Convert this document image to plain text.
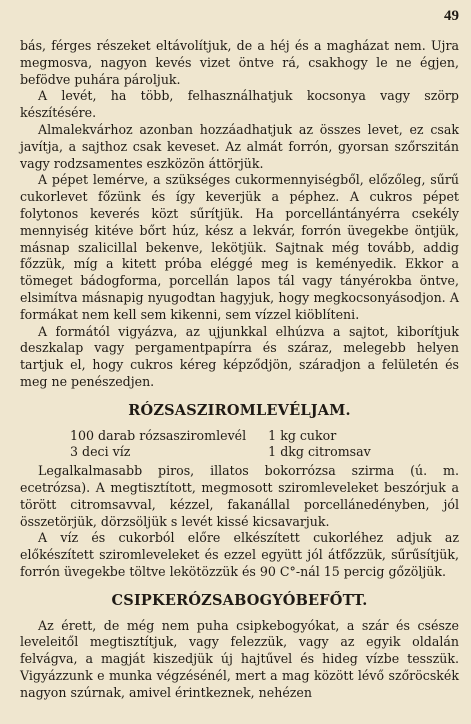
49

bás, férges részeket eltávolítjuk, de a héj és a magházat nem. Ujra megmosva, nagyon kevés vizet öntve rá, csakhogy le ne égjen, befödve puhára pároljuk.

A levét, ha több, felhasználhatjuk kocsonya vagy szörp készítésére.

Almalekvárhoz azonban hozzáadhatjuk az összes levet, ez csak javítja, a sajthoz csak keveset. Az almát forrón, gyorsan szőrszitán vagy rodzsamentes eszközön áttörjük.

A pépet lemérve, a szükséges cukormennyiségből, előzőleg, sűrű cukorlevet főzünk és így keverjük a péphez. A cukros pépet folytonos keverés közt sűrítjük. Ha porcellántányérra csekély mennyiség kitéve bőrt húz, kész a lekvár, forrón üvegekbe öntjük, másnap szalicillal bekenve, lekötjük. Sajtnak még tovább, addig főzzük, míg a kitett próba eléggé meg is keményedik. Ekkor a tömeget bádogforma, porcellán lapos tál vagy tányérokba öntve, elsimítva másnapig nyugodtan hagyjuk, hogy megkocsonyásodjon. A formákat nem kell sem kikenni, sem vízzel kiöblíteni.

A formától vigyázva, az ujjunkkal elhúzva a sajtot, kiborítjuk deszkalap vagy pergamentpapírra és száraz, melegebb helyen tartjuk el, hogy cukros kéreg képződjön, száradjon a felületén és meg ne penészedjen.

RÓZSASZIROMLEVÉLJAM.
100 darab rózsasziromlevél 1 kg cukor
3 deci víz	1 dkg citromsav

Legalkalmasabb piros, illatos bokorrózsa szirma (ú. m. ecetrózsa). A megtisztított, megmosott sziromleveleket beszórjuk a törött citromsavval, kézzel, fakanállal porcellánedényben, jól összetörjük, dörzsöljük s levét kissé kicsavarjuk.

A víz és cukorból előre elkészített cukorléhez adjuk az előkészített sziromleveleket és ezzel együtt jól átfőzzük, sűrűsítjük, forrón üvegekbe töltve lekötözzük és 90 C°-nál 15 percig gőzöljük.

CSIPKERÓZSABOGYÓBEFŐTT.

Az érett, de még nem puha csipkebogyókat, a szár és csésze leveleitől megtisztítjuk, vagy felezzük, vagy az egyik oldalán felvágva, a magját kiszedjük új hajtűvel és hideg vízbe tesszük. Vigyázzunk e munka végzésénél, mert a mag között lévő szőröcskék nagyon szúrnak, amivel érintkeznek, nehézen
